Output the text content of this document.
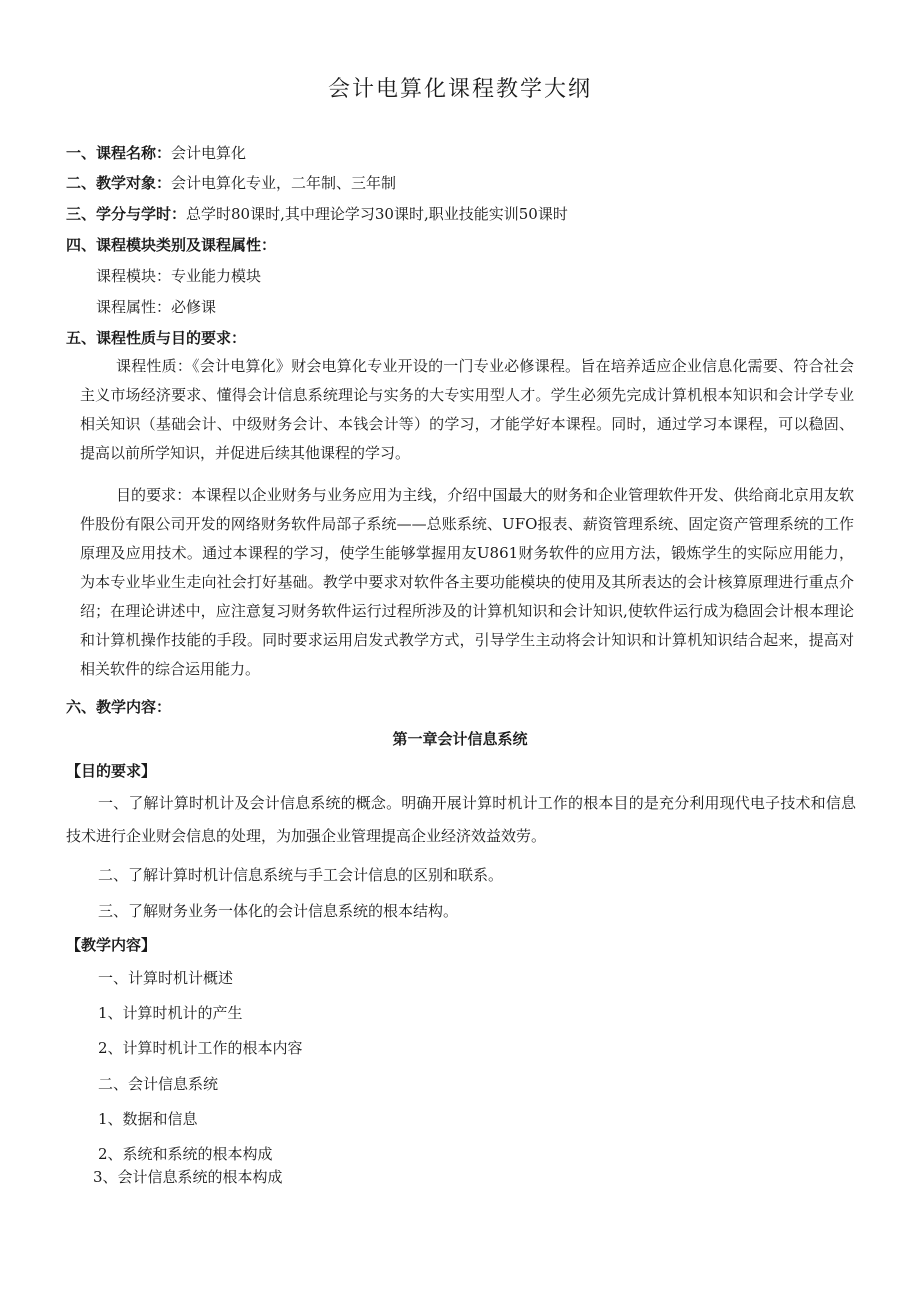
会计电算化课程教学大纲
一、课程名称：会计电算化
二、教学对象：会计电算化专业，二年制、三年制
三、学分与学时：总学时80课时,其中理论学习30课时,职业技能实训50课时
四、课程模块类别及课程属性：
课程模块：专业能力模块
课程属性：必修课
五、课程性质与目的要求：
课程性质：《会计电算化》财会电算化专业开设的一门专业必修课程。旨在培养适应企业信息化需要、符合社会主义市场经济要求、懂得会计信息系统理论与实务的大专实用型人才。学生必须先完成计算机根本知识和会计学专业相关知识（基础会计、中级财务会计、本钱会计等）的学习，才能学好本课程。同时，通过学习本课程，可以稳固、提高以前所学知识，并促进后续其他课程的学习。
目的要求：本课程以企业财务与业务应用为主线，介绍中国最大的财务和企业管理软件开发、供给商北京用友软件股份有限公司开发的网络财务软件局部子系统——总账系统、UFO报表、薪资管理系统、固定资产管理系统的工作原理及应用技术。通过本课程的学习，使学生能够掌握用友U861财务软件的应用方法，锻炼学生的实际应用能力，为本专业毕业生走向社会打好基础。教学中要求对软件各主要功能模块的使用及其所表达的会计核算原理进行重点介绍；在理论讲述中，应注意复习财务软件运行过程所涉及的计算机知识和会计知识,使软件运行成为稳固会计根本理论和计算机操作技能的手段。同时要求运用启发式教学方式，引导学生主动将会计知识和计算机知识结合起来，提高对相关软件的综合运用能力。
六、教学内容：
第一章会计信息系统
【目的要求】
一、了解计算时机计及会计信息系统的概念。明确开展计算时机计工作的根本目的是充分利用现代电子技术和信息技术进行企业财会信息的处理，为加强企业管理提高企业经济效益效劳。
二、了解计算时机计信息系统与手工会计信息的区别和联系。
三、了解财务业务一体化的会计信息系统的根本结构。
【教学内容】
一、计算时机计概述
1、计算时机计的产生
2、计算时机计工作的根本内容
二、会计信息系统
1、数据和信息
2、系统和系统的根本构成
3、会计信息系统的根本构成
